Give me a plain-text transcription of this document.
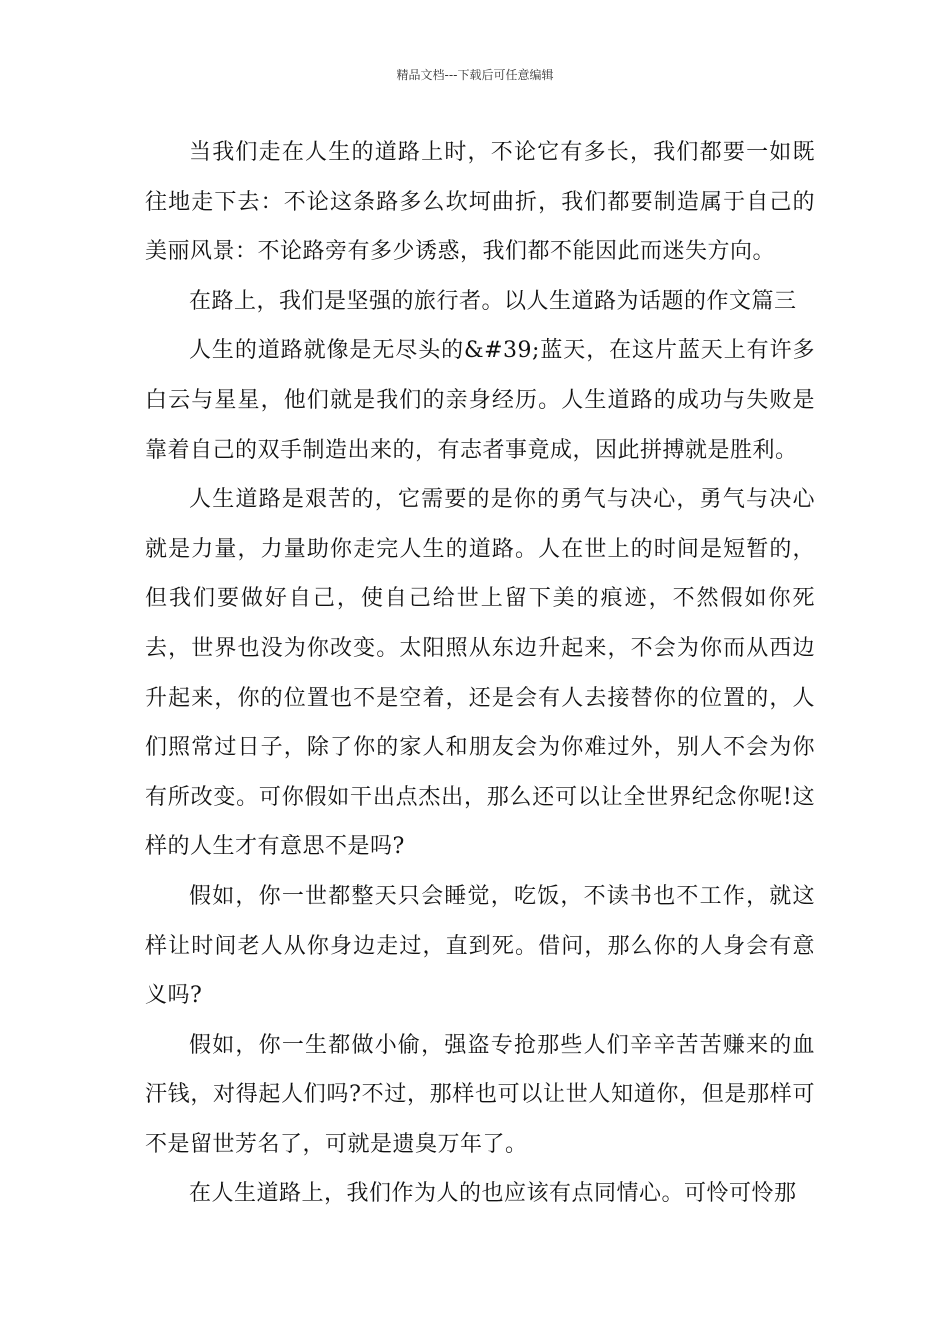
精品文档---下载后可任意编辑

当我们走在人生的道路上时，不论它有多长，我们都要一如既往地走下去：不论这条路多么坎坷曲折，我们都要制造属于自己的美丽风景：不论路旁有多少诱惑，我们都不能因此而迷失方向。

在路上，我们是坚强的旅行者。以人生道路为话题的作文篇三

人生的道路就像是无尽头的&#39;蓝天，在这片蓝天上有许多白云与星星，他们就是我们的亲身经历。人生道路的成功与失败是靠着自己的双手制造出来的，有志者事竟成，因此拼搏就是胜利。

人生道路是艰苦的，它需要的是你的勇气与决心，勇气与决心就是力量，力量助你走完人生的道路。人在世上的时间是短暂的，但我们要做好自己，使自己给世上留下美的痕迹，不然假如你死去，世界也没为你改变。太阳照从东边升起来，不会为你而从西边升起来，你的位置也不是空着，还是会有人去接替你的位置的，人们照常过日子，除了你的家人和朋友会为你难过外，别人不会为你有所改变。可你假如干出点杰出，那么还可以让全世界纪念你呢!这样的人生才有意思不是吗?

假如，你一世都整天只会睡觉，吃饭，不读书也不工作，就这样让时间老人从你身边走过，直到死。借问，那么你的人身会有意义吗?

假如，你一生都做小偷，强盗专抢那些人们辛辛苦苦赚来的血汗钱，对得起人们吗?不过，那样也可以让世人知道你，但是那样可不是留世芳名了，可就是遗臭万年了。

在人生道路上，我们作为人的也应该有点同情心。可怜可怜那
